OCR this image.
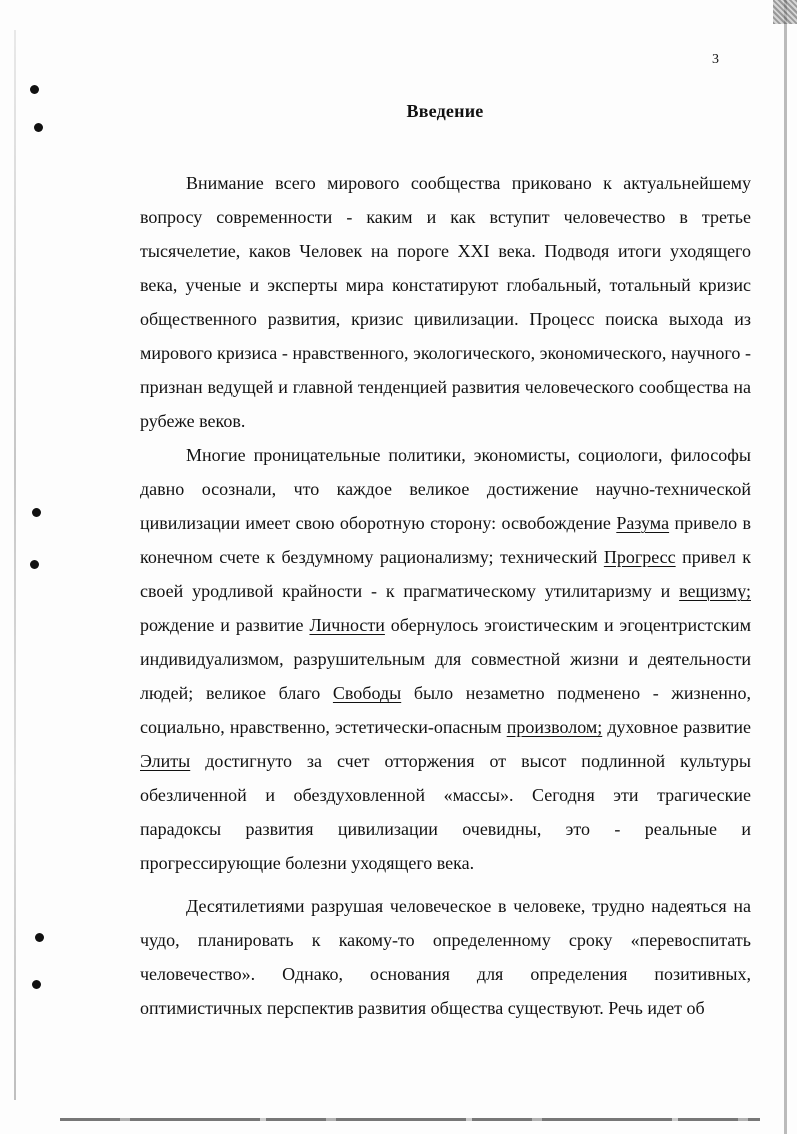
3
Введение

Внимание всего мирового сообщества приковано к актуальнейшему вопросу современности - каким и как вступит человечество в третье тысячелетие, каков Человек на пороге XXI века. Подводя итоги уходящего века, ученые и эксперты мира констатируют глобальный, тотальный кризис общественного развития, кризис цивилизации. Процесс поиска выхода из мирового кризиса - нравственного, экологического, экономического, научного - признан ведущей и главной тенденцией развития человеческого сообщества на рубеже веков.

Многие проницательные политики, экономисты, социологи, философы давно осознали, что каждое великое достижение научно-технической цивилизации имеет свою оборотную сторону: освобождение Разума привело в конечном счете к бездумному рационализму; технический Прогресс привел к своей уродливой крайности - к прагматическому утилитаризму и вещизму; рождение и развитие Личности обернулось эгоистическим и эгоцентристским индивидуализмом, разрушительным для совместной жизни и деятельности людей; великое благо Свободы было незаметно подменено - жизненно, социально, нравственно, эстетически-опасным произволом; духовное развитие Элиты достигнуто за счет отторжения от высот подлинной культуры обезличенной и обездуховленной «массы». Сегодня эти трагические парадоксы развития цивилизации очевидны, это - реальные и прогрессирующие болезни уходящего века.

Десятилетиями разрушая человеческое в человеке, трудно надеяться на чудо, планировать к какому-то определенному сроку «перевоспитать человечество». Однако, основания для определения позитивных, оптимистичных перспектив развития общества существуют. Речь идет об
